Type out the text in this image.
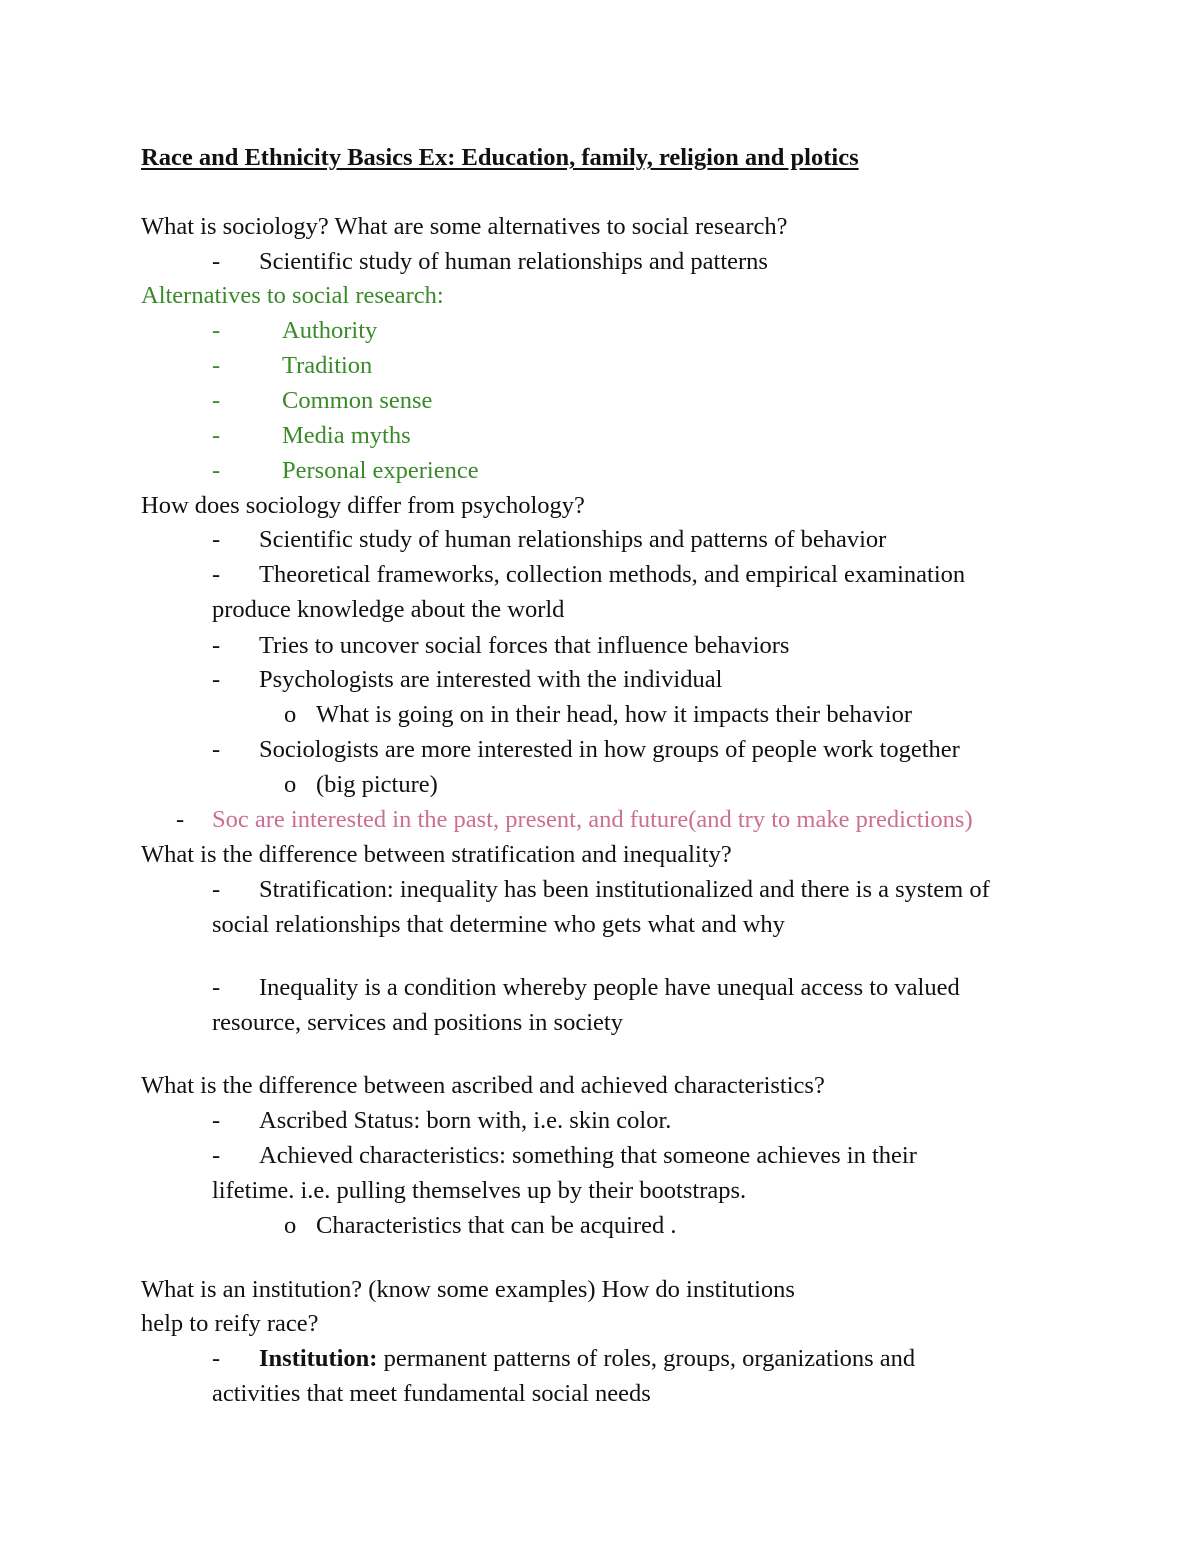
Race and Ethnicity Basics Ex: Education, family, religion and plotics
What is sociology? What are some alternatives to social research?
- Scientific study of human relationships and patterns
Alternatives to social research:
-	Authority
-	Tradition
-	Common sense
-	Media myths
-	Personal experience
How does sociology differ from psychology?
- Scientific study of human relationships and patterns of behavior
- Theoretical frameworks, collection methods, and empirical examination
produce knowledge about the world
- Tries to uncover social forces that influence behaviors
- Psychologists are interested with the individual
o What is going on in their head, how it impacts their behavior
- Sociologists are more interested in how groups of people work together
o (big picture)
- Soc are interested in the past, present, and future(and try to make predictions)
What is the difference between stratification and inequality?
- Stratification: inequality has been institutionalized and there is a system of
social relationships that determine who gets what and why
- Inequality is a condition whereby people have unequal access to valued
resource, services and positions in society
What is the difference between ascribed and achieved characteristics?
- Ascribed Status: born with, i.e. skin color.
- Achieved characteristics: something that someone achieves in their
lifetime. i.e. pulling themselves up by their bootstraps.
o Characteristics that can be acquired .
What is an institution? (know some examples) How do institutions
help to reify race?
- Institution: permanent patterns of roles, groups, organizations and
activities that meet fundamental social needs
